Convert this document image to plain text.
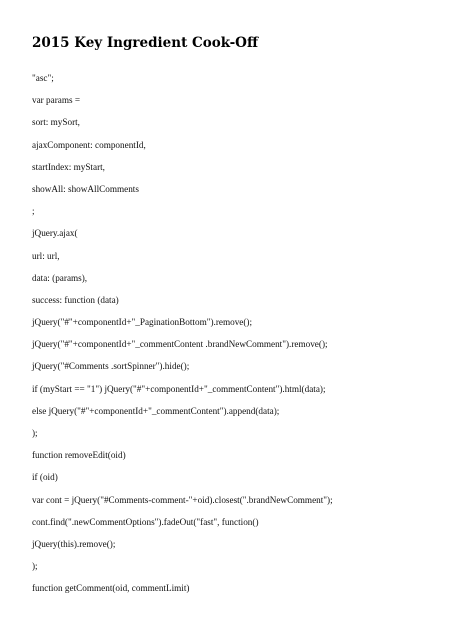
2015 Key Ingredient Cook-Off
"asc";
var params =
sort: mySort,
ajaxComponent: componentId,
startIndex: myStart,
showAll: showAllComments
;
jQuery.ajax(
url: url,
data: (params),
success: function (data)
jQuery("#"+componentId+"_PaginationBottom").remove();
jQuery("#"+componentId+"_commentContent .brandNewComment").remove();
jQuery("#Comments .sortSpinner").hide();
if (myStart == "1") jQuery("#"+componentId+"_commentContent").html(data);
else jQuery("#"+componentId+"_commentContent").append(data);
);
function removeEdit(oid)
if (oid)
var cont = jQuery("#Comments-comment-"+oid).closest(".brandNewComment");
cont.find(".newCommentOptions").fadeOut("fast", function()
jQuery(this).remove();
);
function getComment(oid, commentLimit)
